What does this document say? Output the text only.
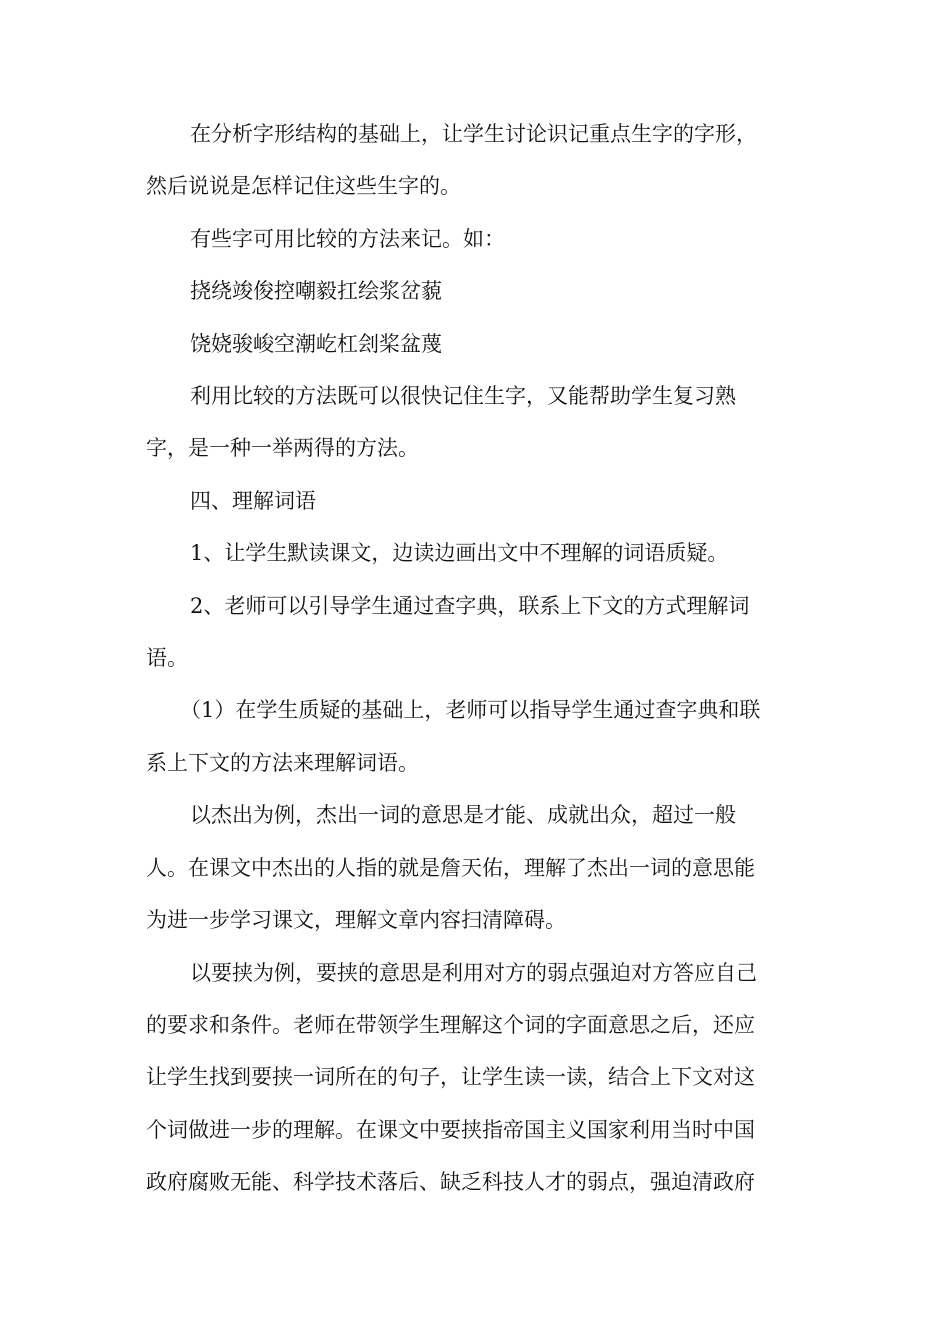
在分析字形结构的基础上，让学生讨论识记重点生字的字形，

然后说说是怎样记住这些生字的。

有些字可用比较的方法来记。如：

挠绕竣俊控嘲毅扛绘浆岔藐

饶娆骏峻空潮屹杠刽桨盆蔑

利用比较的方法既可以很快记住生字，又能帮助学生复习熟

字，是一种一举两得的方法。

四、理解词语

1、让学生默读课文，边读边画出文中不理解的词语质疑。

2、老师可以引导学生通过查字典，联系上下文的方式理解词

语。

（1）在学生质疑的基础上，老师可以指导学生通过查字典和联

系上下文的方法来理解词语。

以杰出为例，杰出一词的意思是才能、成就出众，超过一般

人。在课文中杰出的人指的就是詹天佑，理解了杰出一词的意思能

为进一步学习课文，理解文章内容扫清障碍。

以要挟为例，要挟的意思是利用对方的弱点强迫对方答应自己

的要求和条件。老师在带领学生理解这个词的字面意思之后，还应

让学生找到要挟一词所在的句子，让学生读一读，结合上下文对这

个词做进一步的理解。在课文中要挟指帝国主义国家利用当时中国

政府腐败无能、科学技术落后、缺乏科技人才的弱点，强迫清政府
